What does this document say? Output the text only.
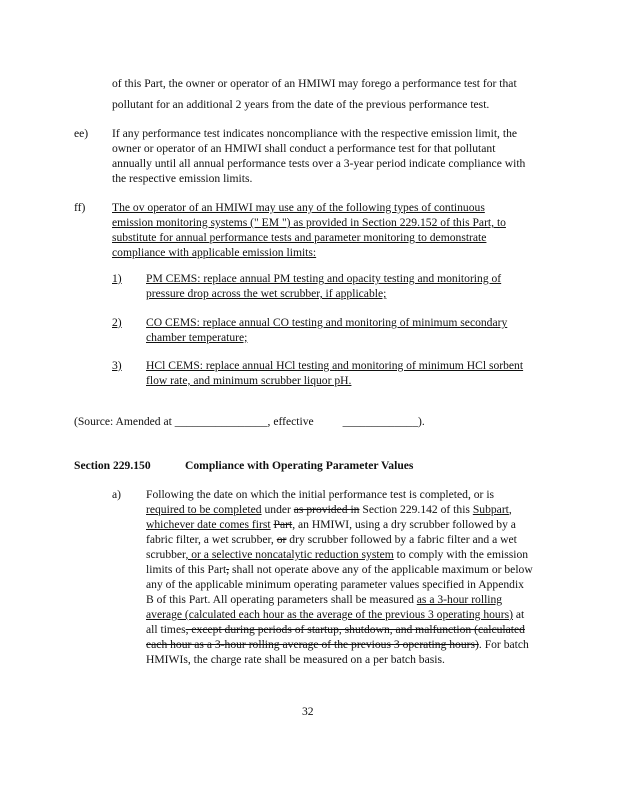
of this Part, the owner or operator of an HMIWI may forego a performance test for that
pollutant for an additional 2 years from the date of the previous performance test.
ee) If any performance test indicates noncompliance with the respective emission limit, the
owner or operator of an HMIWI shall conduct a performance test for that pollutant
annually until all annual performance tests over a 3-year period indicate compliance with
the respective emission limits.
ff) The ov operator of an HMIWI may use any of the following types of continuous
emission monitoring systems (" EM ") as provided in Section 229.152 of this Part, to
substitute for annual performance tests and parameter monitoring to demonstrate
compliance with applicable emission limits:
1) PM CEMS: replace annual PM testing and opacity testing and monitoring of
pressure drop across the wet scrubber, if applicable;
2) CO CEMS: replace annual CO testing and monitoring of minimum secondary
chamber temperature;
3) HCl CEMS: replace annual HCl testing and monitoring of minimum HCl sorbent
flow rate, and minimum scrubber liquor pH.
(Source: Amended at ________________, effective _____________).
Section 229.150	Compliance with Operating Parameter Values
a) Following the date on which the initial performance test is completed, or is
required to be completed under as provided in Section 229.142 of this Subpart,
whichever date comes first Part, an HMIWI, using a dry scrubber followed by a
fabric filter, a wet scrubber, or dry scrubber followed by a fabric filter and a wet
scrubber, or a selective noncatalytic reduction system to comply with the emission
limits of this Part, shall not operate above any of the applicable maximum or below
any of the applicable minimum operating parameter values specified in Appendix
B of this Part. All operating parameters shall be measured as a 3-hour rolling
average (calculated each hour as the average of the previous 3 operating hours) at
all times, except during periods of startup, shutdown, and malfunction (calculated
each hour as a 3-hour rolling average of the previous 3 operating hours). For batch
HMIWIs, the charge rate shall be measured on a per batch basis.
32
